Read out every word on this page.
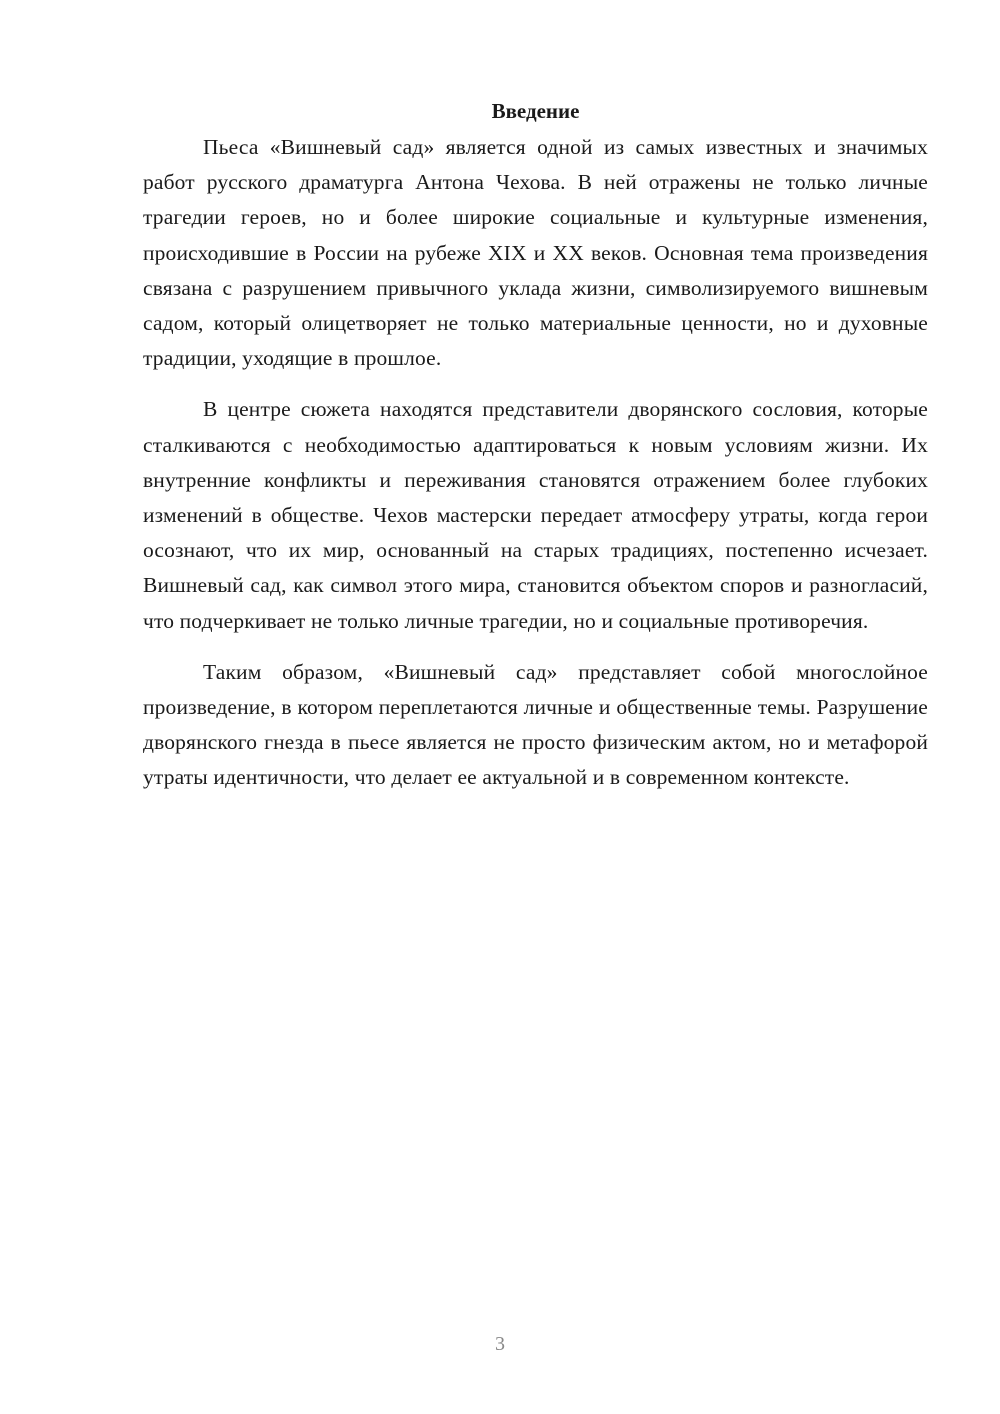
Введение

Пьеса «Вишневый сад» является одной из самых известных и значимых работ русского драматурга Антона Чехова. В ней отражены не только личные трагедии героев, но и более широкие социальные и культурные изменения, происходившие в России на рубеже XIX и XX веков. Основная тема произведения связана с разрушением привычного уклада жизни, символизируемого вишневым садом, который олицетворяет не только материальные ценности, но и духовные традиции, уходящие в прошлое.

В центре сюжета находятся представители дворянского сословия, которые сталкиваются с необходимостью адаптироваться к новым условиям жизни. Их внутренние конфликты и переживания становятся отражением более глубоких изменений в обществе. Чехов мастерски передает атмосферу утраты, когда герои осознают, что их мир, основанный на старых традициях, постепенно исчезает. Вишневый сад, как символ этого мира, становится объектом споров и разногласий, что подчеркивает не только личные трагедии, но и социальные противоречия.

Таким образом, «Вишневый сад» представляет собой многослойное произведение, в котором переплетаются личные и общественные темы. Разрушение дворянского гнезда в пьесе является не просто физическим актом, но и метафорой утраты идентичности, что делает ее актуальной и в современном контексте.

3
